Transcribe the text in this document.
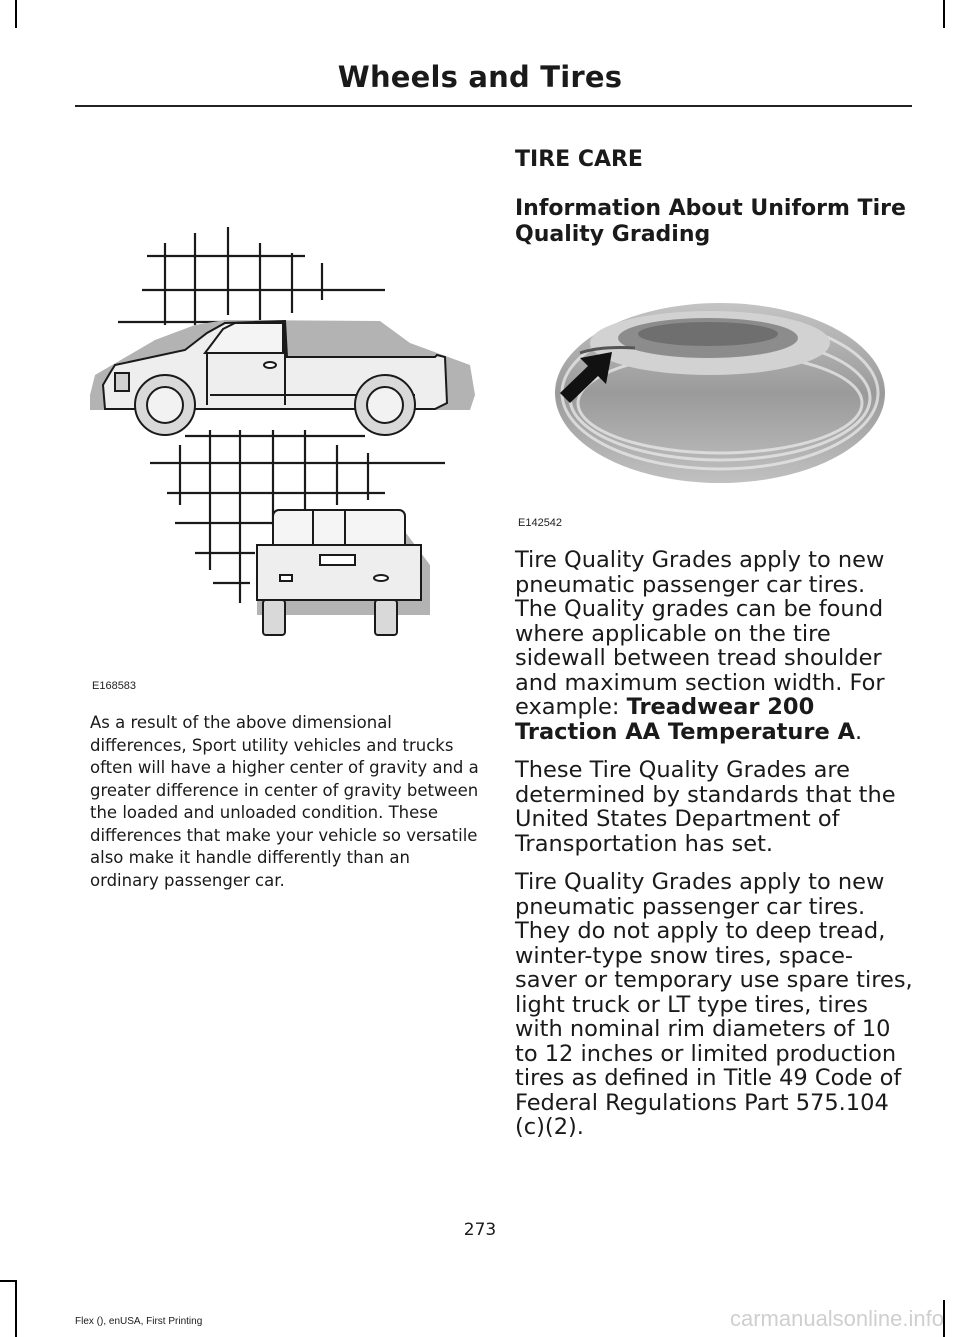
Wheels and Tires
E168583

As a result of the above dimensional differences, Sport utility vehicles and trucks often will have a higher center of gravity and a greater difference in center of gravity between the loaded and unloaded condition. These differences that make your vehicle so versatile also make it handle differently than an ordinary passenger car.

TIRE CARE
Information About Uniform Tire Quality Grading
E142542

Tire Quality Grades apply to new pneumatic passenger car tires. The Quality grades can be found where applicable on the tire sidewall between tread shoulder and maximum section width. For example: Treadwear 200 Traction AA Temperature A.

These Tire Quality Grades are determined by standards that the United States Department of Transportation has set.

Tire Quality Grades apply to new pneumatic passenger car tires. They do not apply to deep tread, winter-type snow tires, space-saver or temporary use spare tires, light truck or LT type tires, tires with nominal rim diameters of 10 to 12 inches or limited production tires as defined in Title 49 Code of Federal Regulations Part 575.104 (c)(2).

273
Flex (), enUSA, First Printing	carmanualsonline.info
